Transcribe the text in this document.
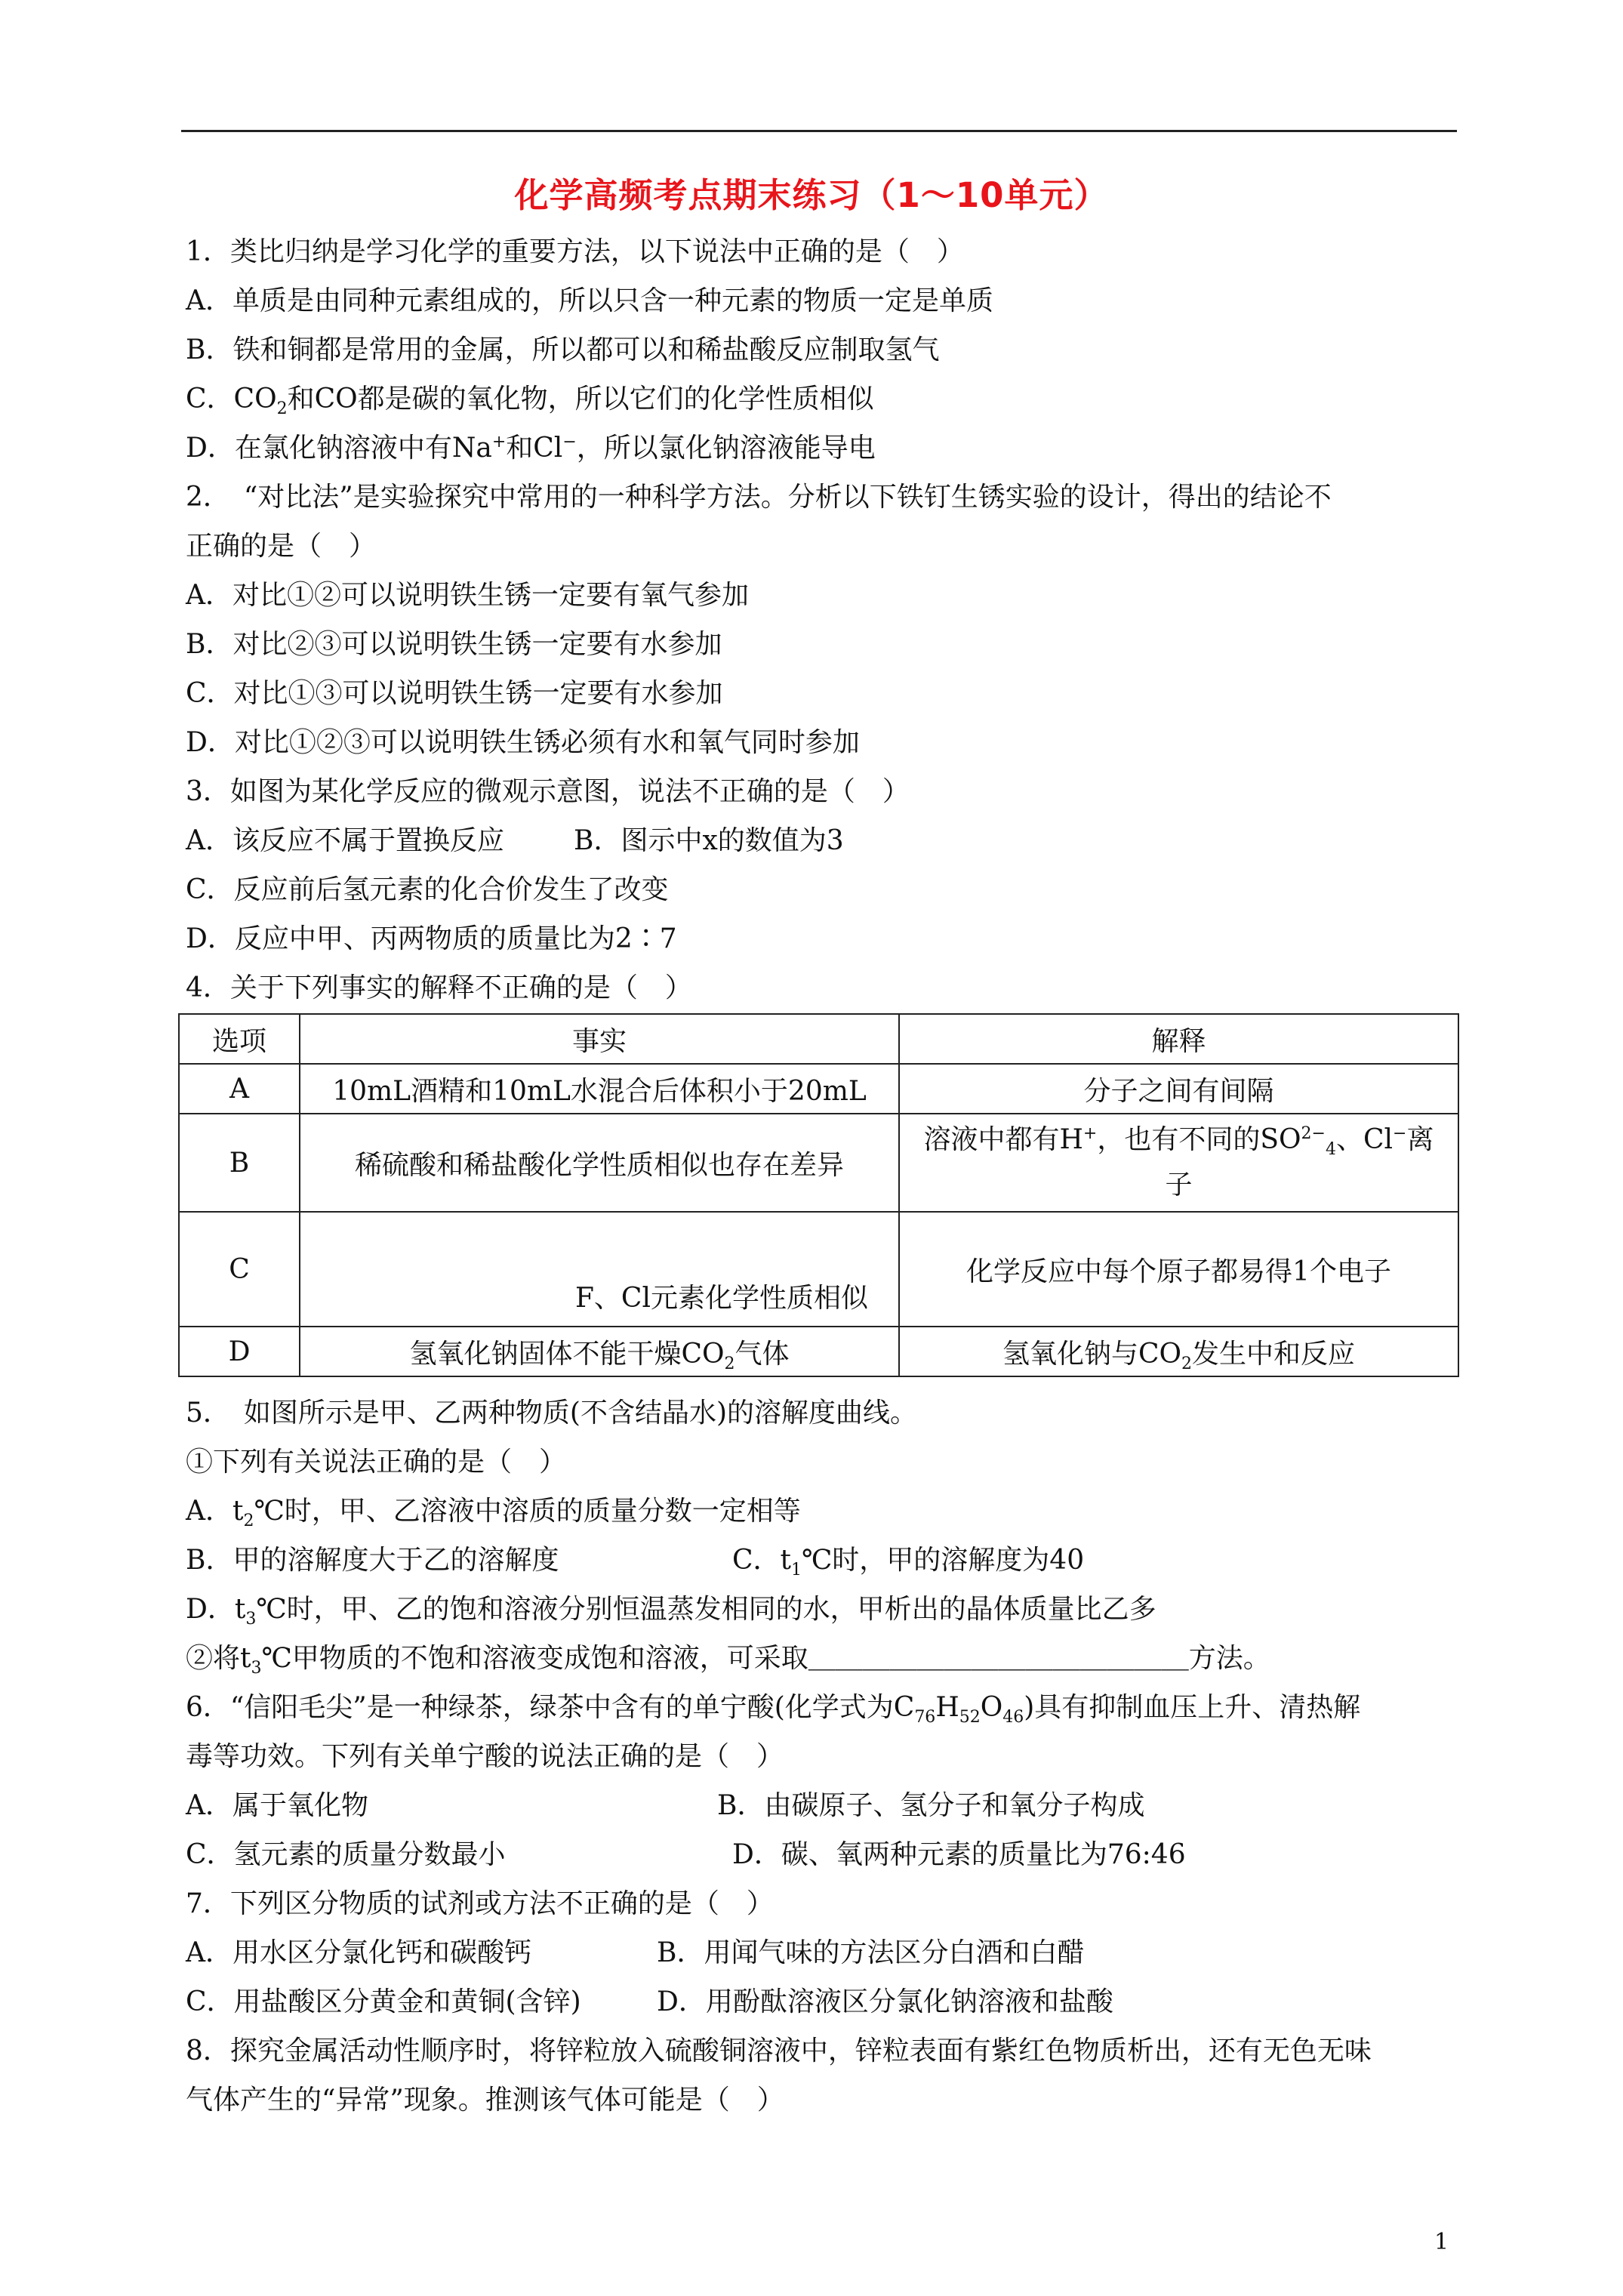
化学高频考点期末练习（1～10单元）
1．类比归纳是学习化学的重要方法，以下说法中正确的是（　）
A．单质是由同种元素组成的，所以只含一种元素的物质一定是单质
B．铁和铜都是常用的金属，所以都可以和稀盐酸反应制取氢气
C．$CO_2$和CO都是碳的氧化物，所以它们的化学性质相似
D．在氯化钠溶液中有Na+和Cl−，所以氯化钠溶液能导电
2．　“对比法”是实验探究中常用的一种科学方法。分析以下铁钉生锈实验的设计，得出的结论不
正确的是（　）
A．对比①②可以说明铁生锈一定要有氧气参加
B．对比②③可以说明铁生锈一定要有水参加
C．对比①③可以说明铁生锈一定要有水参加
D．对比①②③可以说明铁生锈必须有水和氧气同时参加
3．如图为某化学反应的微观示意图，说法不正确的是（　）
A．该反应不属于置换反应	B．图示中x的数值为3
C．反应前后氢元素的化合价发生了改变
D．反应中甲、丙两物质的质量比为2∶7
4．关于下列事实的解释不正确的是（　）
选项	事实	解释
A	10mL酒精和10mL水混合后体积小于20mL	分子之间有间隔
B	稀硫酸和稀盐酸化学性质相似也存在差异	溶液中都有H+，也有不同的$SO^{2-}_4$、Cl−离
子
C	F、Cl元素化学性质相似	化学反应中每个原子都易得1个电子
D	氢氧化钠固体不能干燥$CO_2$气体	氢氧化钠与$CO_2$发生中和反应
5．　如图所示是甲、乙两种物质(不含结晶水)的溶解度曲线。
①下列有关说法正确的是（　）
A．$t_2℃$时，甲、乙溶液中溶质的质量分数一定相等
B．甲的溶解度大于乙的溶解度	C．$t_1℃$时，甲的溶解度为40
D．$t_3℃$时，甲、乙的饱和溶液分别恒温蒸发相同的水，甲析出的晶体质量比乙多
②将$t_3℃$甲物质的不饱和溶液变成饱和溶液，可采取＿＿＿＿＿＿＿＿＿＿＿＿＿＿方法。
6．“信阳毛尖”是一种绿茶，绿茶中含有的单宁酸(化学式为$C_{76}H_{52}O_{46}$)具有抑制血压上升、清热解
毒等功效。下列有关单宁酸的说法正确的是（　）
A．属于氧化物	B．由碳原子、氢分子和氧分子构成
C．氢元素的质量分数最小	D．碳、氧两种元素的质量比为76:46
7．下列区分物质的试剂或方法不正确的是（　）
A．用水区分氯化钙和碳酸钙	B．用闻气味的方法区分白酒和白醋
C．用盐酸区分黄金和黄铜(含锌)	D．用酚酞溶液区分氯化钠溶液和盐酸
8．探究金属活动性顺序时，将锌粒放入硫酸铜溶液中，锌粒表面有紫红色物质析出，还有无色无味
气体产生的“异常”现象。推测该气体可能是（　）
1
